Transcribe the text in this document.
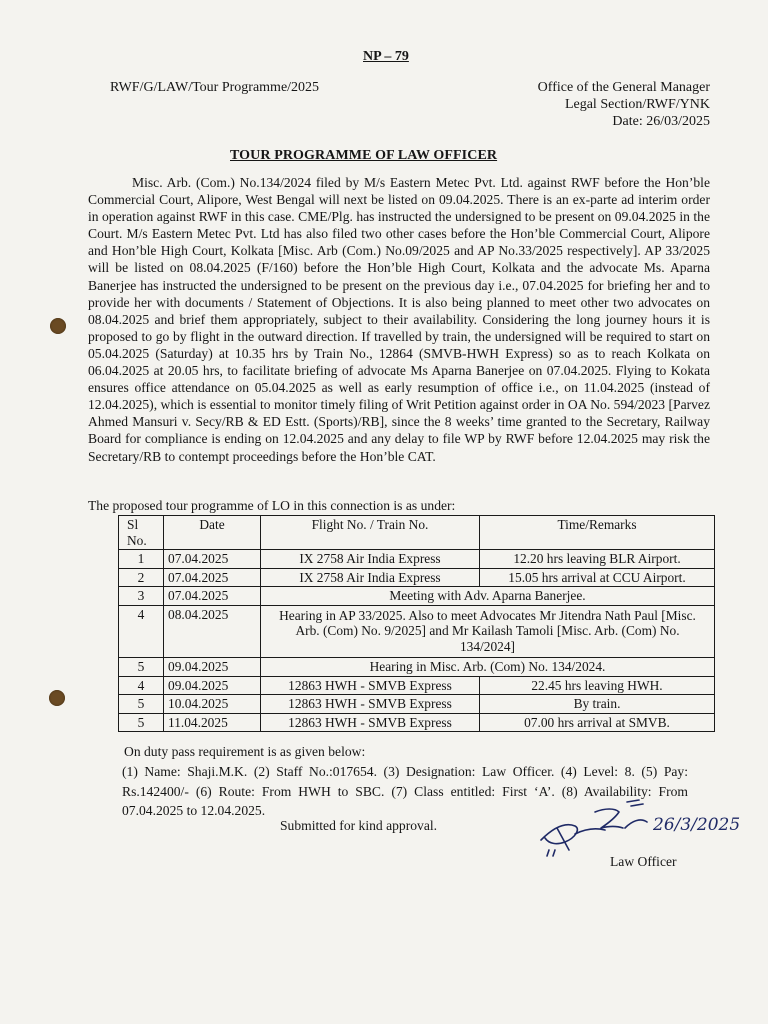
NP – 79
RWF/G/LAW/Tour Programme/2025	Office of the General Manager
Legal Section/RWF/YNK
Date: 26/03/2025
TOUR PROGRAMME OF LAW OFFICER

Misc. Arb. (Com.) No.134/2024 filed by M/s Eastern Metec Pvt. Ltd. against RWF before the Hon’ble Commercial Court, Alipore, West Bengal will next be listed on 09.04.2025. There is an ex-parte ad interim order in operation against RWF in this case. CME/Plg. has instructed the undersigned to be present on 09.04.2025 in the Court. M/s Eastern Metec Pvt. Ltd has also filed two other cases before the Hon’ble Commercial Court, Alipore and Hon’ble High Court, Kolkata [Misc. Arb (Com.) No.09/2025 and AP No.33/2025 respectively]. AP 33/2025 will be listed on 08.04.2025 (F/160) before the Hon’ble High Court, Kolkata and the advocate Ms. Aparna Banerjee has instructed the undersigned to be present on the previous day i.e., 07.04.2025 for briefing her and to provide her with documents / Statement of Objections. It is also being planned to meet other two advocates on 08.04.2025 and brief them appropriately, subject to their availability. Considering the long journey hours it is proposed to go by flight in the outward direction. If travelled by train, the undersigned will be required to start on 05.04.2025 (Saturday) at 10.35 hrs by Train No., 12864 (SMVB-HWH Express) so as to reach Kolkata on 06.04.2025 at 20.05 hrs, to facilitate briefing of advocate Ms Aparna Banerjee on 07.04.2025. Flying to Kokata ensures office attendance on 05.04.2025 as well as early resumption of office i.e., on 11.04.2025 (instead of 12.04.2025), which is essential to monitor timely filing of Writ Petition against order in OA No. 594/2023 [Parvez Ahmed Mansuri v. Secy/RB & ED Estt. (Sports)/RB], since the 8 weeks’ time granted to the Secretary, Railway Board for compliance is ending on 12.04.2025 and any delay to file WP by RWF before 12.04.2025 may risk the Secretary/RB to contempt proceedings before the Hon’ble CAT.

The proposed tour programme of LO in this connection is as under:
Sl
No.	Date	Flight No. / Train No.	Time/Remarks
1	07.04.2025	IX 2758 Air India Express	12.20 hrs leaving BLR Airport.
2	07.04.2025	IX 2758 Air India Express	15.05 hrs arrival at CCU Airport.
3	07.04.2025	Meeting with Adv. Aparna Banerjee.	
4	08.04.2025	Hearing in AP 33/2025. Also to meet Advocates Mr Jitendra Nath Paul [Misc. Arb. (Com) No. 9/2025] and Mr Kailash Tamoli [Misc. Arb. (Com) No. 134/2024]	
5	09.04.2025	Hearing in Misc. Arb. (Com) No. 134/2024.	
4	09.04.2025	12863 HWH - SMVB Express	22.45 hrs leaving HWH.
5	10.04.2025	12863 HWH - SMVB Express	By train.
5	11.04.2025	12863 HWH - SMVB Express	07.00 hrs arrival at SMVB.
On duty pass requirement is as given below:

(1) Name: Shaji.M.K. (2) Staff No.:017654. (3) Designation: Law Officer. (4) Level: 8. (5) Pay: Rs.142400/- (6) Route: From HWH to SBC. (7) Class entitled: First ‘A’. (8) Availability: From 07.04.2025 to 12.04.2025.

Submitted for kind approval.	26/3/2025
Law Officer
